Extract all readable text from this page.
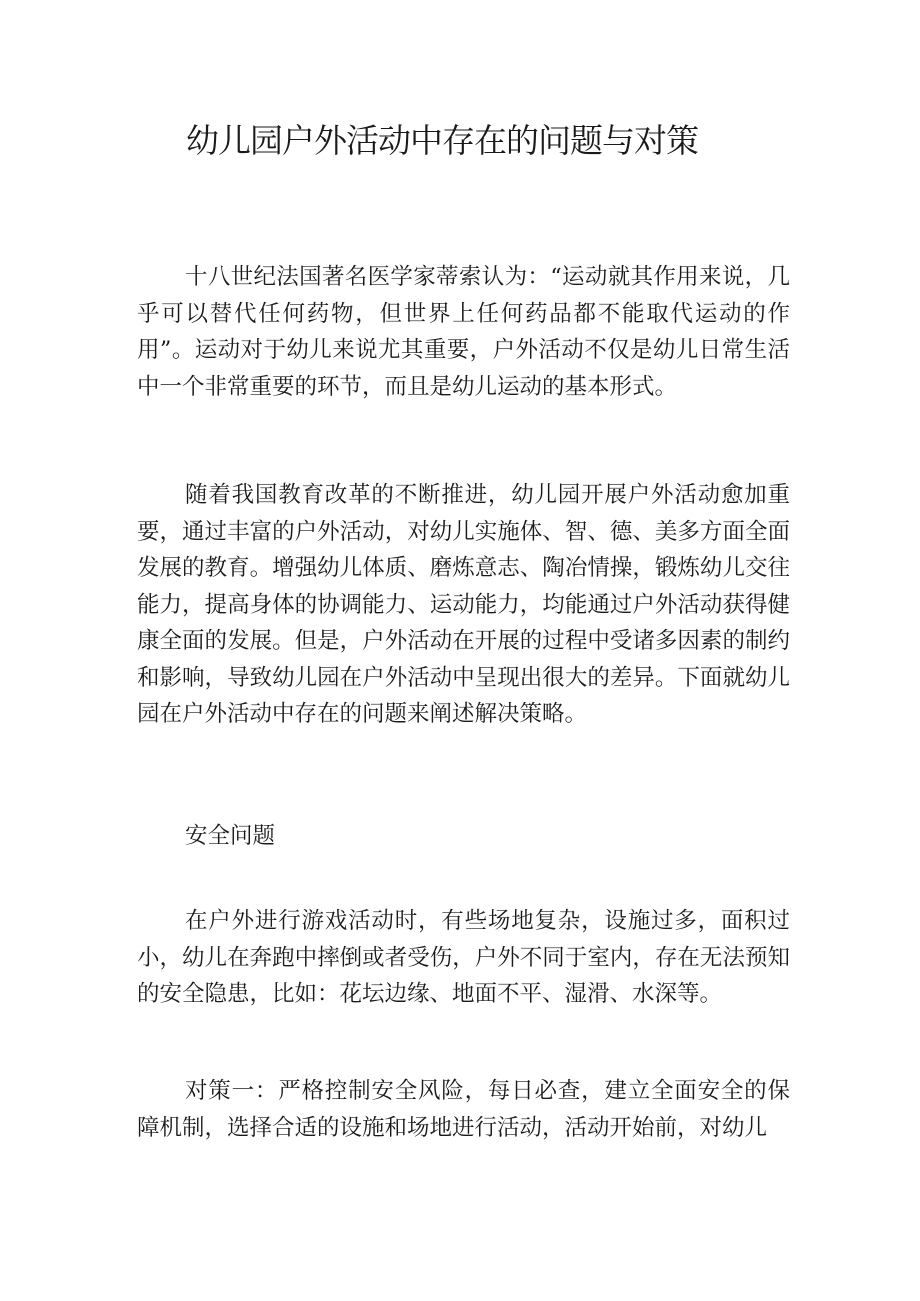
幼儿园户外活动中存在的问题与对策

十八世纪法国著名医学家蒂索认为：“运动就其作用来说，几乎可以替代任何药物，但世界上任何药品都不能取代运动的作用”。运动对于幼儿来说尤其重要，户外活动不仅是幼儿日常生活中一个非常重要的环节，而且是幼儿运动的基本形式。

随着我国教育改革的不断推进，幼儿园开展户外活动愈加重要，通过丰富的户外活动，对幼儿实施体、智、德、美多方面全面发展的教育。增强幼儿体质、磨炼意志、陶冶情操，锻炼幼儿交往能力，提高身体的协调能力、运动能力，均能通过户外活动获得健康全面的发展。但是，户外活动在开展的过程中受诸多因素的制约和影响，导致幼儿园在户外活动中呈现出很大的差异。下面就幼儿园在户外活动中存在的问题来阐述解决策略。

安全问题

在户外进行游戏活动时，有些场地复杂，设施过多，面积过小，幼儿在奔跑中摔倒或者受伤，户外不同于室内，存在无法预知的安全隐患，比如：花坛边缘、地面不平、湿滑、水深等。

对策一：严格控制安全风险，每日必查，建立全面安全的保障机制，选择合适的设施和场地进行活动，活动开始前，对幼儿
